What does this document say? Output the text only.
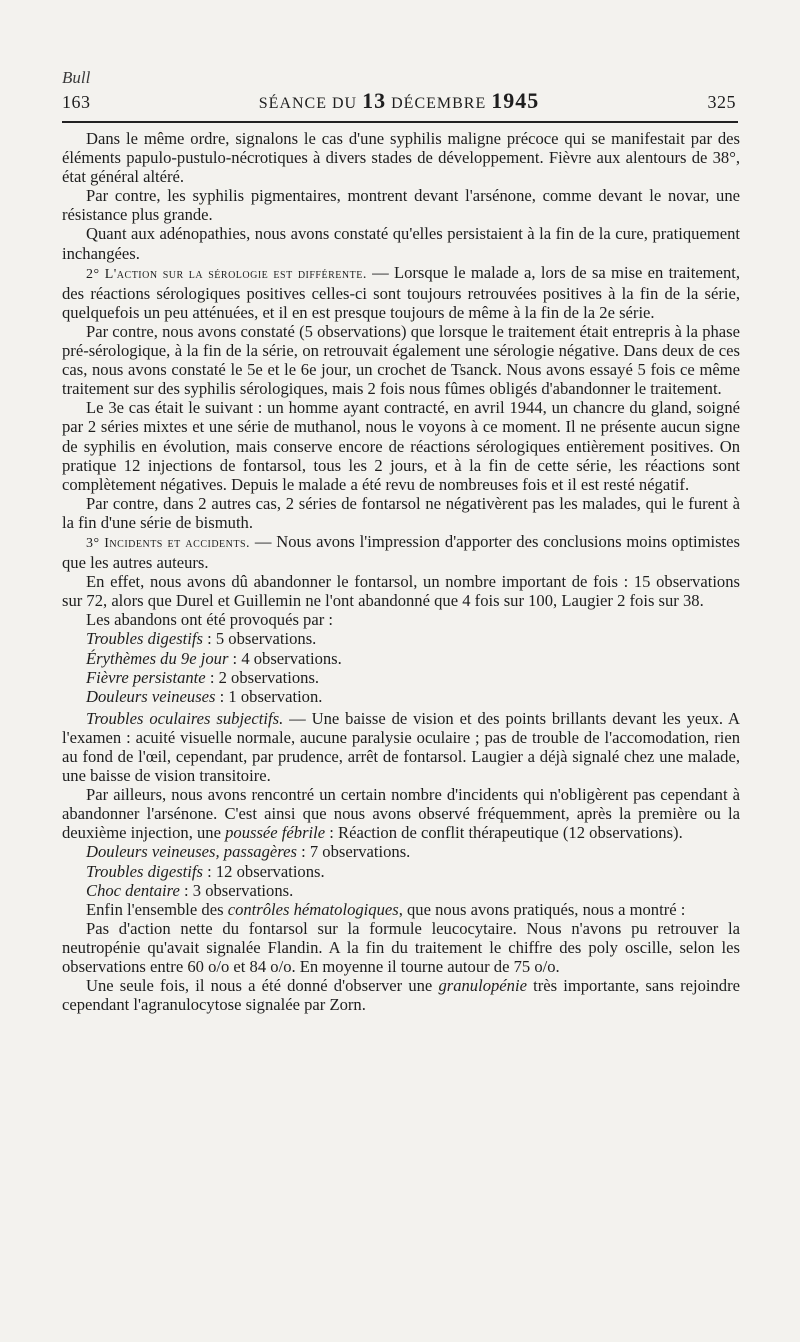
Bull
163	SÉANCE DU 13 DÉCEMBRE 1945	325

Dans le même ordre, signalons le cas d'une syphilis maligne précoce qui se manifestait par des éléments papulo-pustulo-nécrotiques à divers stades de développement. Fièvre aux alentours de 38°, état général altéré.

Par contre, les syphilis pigmentaires, montrent devant l'arsénone, comme devant le novar, une résistance plus grande.

Quant aux adénopathies, nous avons constaté qu'elles persistaient à la fin de la cure, pratiquement inchangées.

2° L'action sur la sérologie est différente. — Lorsque le malade a, lors de sa mise en traitement, des réactions sérologiques positives celles-ci sont toujours retrouvées positives à la fin de la série, quelquefois un peu atténuées, et il en est presque toujours de même à la fin de la 2e série.

Par contre, nous avons constaté (5 observations) que lorsque le traitement était entrepris à la phase pré-sérologique, à la fin de la série, on retrouvait également une sérologie négative. Dans deux de ces cas, nous avons constaté le 5e et le 6e jour, un crochet de Tsanck. Nous avons essayé 5 fois ce même traitement sur des syphilis sérologiques, mais 2 fois nous fûmes obligés d'abandonner le traitement.

Le 3e cas était le suivant : un homme ayant contracté, en avril 1944, un chancre du gland, soigné par 2 séries mixtes et une série de muthanol, nous le voyons à ce moment. Il ne présente aucun signe de syphilis en évolution, mais conserve encore de réactions sérologiques entièrement positives. On pratique 12 injections de fontarsol, tous les 2 jours, et à la fin de cette série, les réactions sont complètement négatives. Depuis le malade a été revu de nombreuses fois et il est resté négatif.

Par contre, dans 2 autres cas, 2 séries de fontarsol ne négativèrent pas les malades, qui le furent à la fin d'une série de bismuth.

3° Incidents et accidents. — Nous avons l'impression d'apporter des conclusions moins optimistes que les autres auteurs.

En effet, nous avons dû abandonner le fontarsol, un nombre important de fois : 15 observations sur 72, alors que Durel et Guillemin ne l'ont abandonné que 4 fois sur 100, Laugier 2 fois sur 38.

Les abandons ont été provoqués par :

Troubles digestifs : 5 observations.

Érythèmes du 9e jour : 4 observations.

Fièvre persistante : 2 observations.

Douleurs veineuses : 1 observation.

Troubles oculaires subjectifs. — Une baisse de vision et des points brillants devant les yeux. A l'examen : acuité visuelle normale, aucune paralysie oculaire ; pas de trouble de l'accomodation, rien au fond de l'œil, cependant, par prudence, arrêt de fontarsol. Laugier a déjà signalé chez une malade, une baisse de vision transitoire.

Par ailleurs, nous avons rencontré un certain nombre d'incidents qui n'obligèrent pas cependant à abandonner l'arsénone. C'est ainsi que nous avons observé fréquemment, après la première ou la deuxième injection, une poussée fébrile : Réaction de conflit thérapeutique (12 observations).

Douleurs veineuses, passagères : 7 observations.

Troubles digestifs : 12 observations.

Choc dentaire : 3 observations.

Enfin l'ensemble des contrôles hématologiques, que nous avons pratiqués, nous a montré :

Pas d'action nette du fontarsol sur la formule leucocytaire. Nous n'avons pu retrouver la neutropénie qu'avait signalée Flandin. A la fin du traitement le chiffre des poly oscille, selon les observations entre 60 o/o et 84 o/o. En moyenne il tourne autour de 75 o/o.

Une seule fois, il nous a été donné d'observer une granulopénie très importante, sans rejoindre cependant l'agranulocytose signalée par Zorn.
